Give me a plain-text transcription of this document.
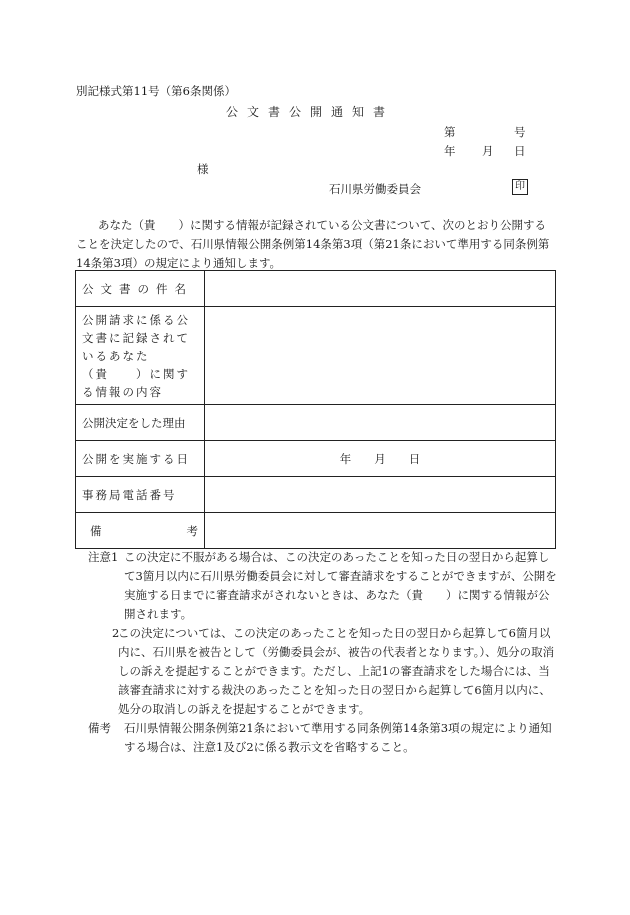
別記様式第11号（第6条関係）
公文書公開通知書
第	号
年 月 日
様
石川県労働委員会	印
あなた（貴　　）に関する情報が記録されている公文書について、次のとおり公開することを決定したので、石川県情報公開条例第14条第3項（第21条において準用する同条例第14条第3項）の規定により通知します。
公文書の件名	
公開請求に係る公文書に記録されているあなた（貴　　）に関する情報の内容	
公開決定をした理由	
公開を実施する日	年　　月　　日
事務局電話番号	

備 考	

注意1 この決定に不服がある場合は、この決定のあったことを知った日の翌日から起算して3箇月以内に石川県労働委員会に対して審査請求をすることができますが、公開を実施する日までに審査請求がされないときは、あなた（貴　　）に関する情報が公開されます。
2
この決定については、この決定のあったことを知った日の翌日から起算して6箇月以内に、石川県を被告として（労働委員会が、被告の代表者となります。）、処分の取消しの訴えを提起することができます。ただし、上記1の審査請求をした場合には、当該審査請求に対する裁決のあったことを知った日の翌日から起算して6箇月以内に、処分の取消しの訴えを提起することができます。
備考 石川県情報公開条例第21条において準用する同条例第14条第3項の規定により通知する場合は、注意1及び2に係る教示文を省略すること。
